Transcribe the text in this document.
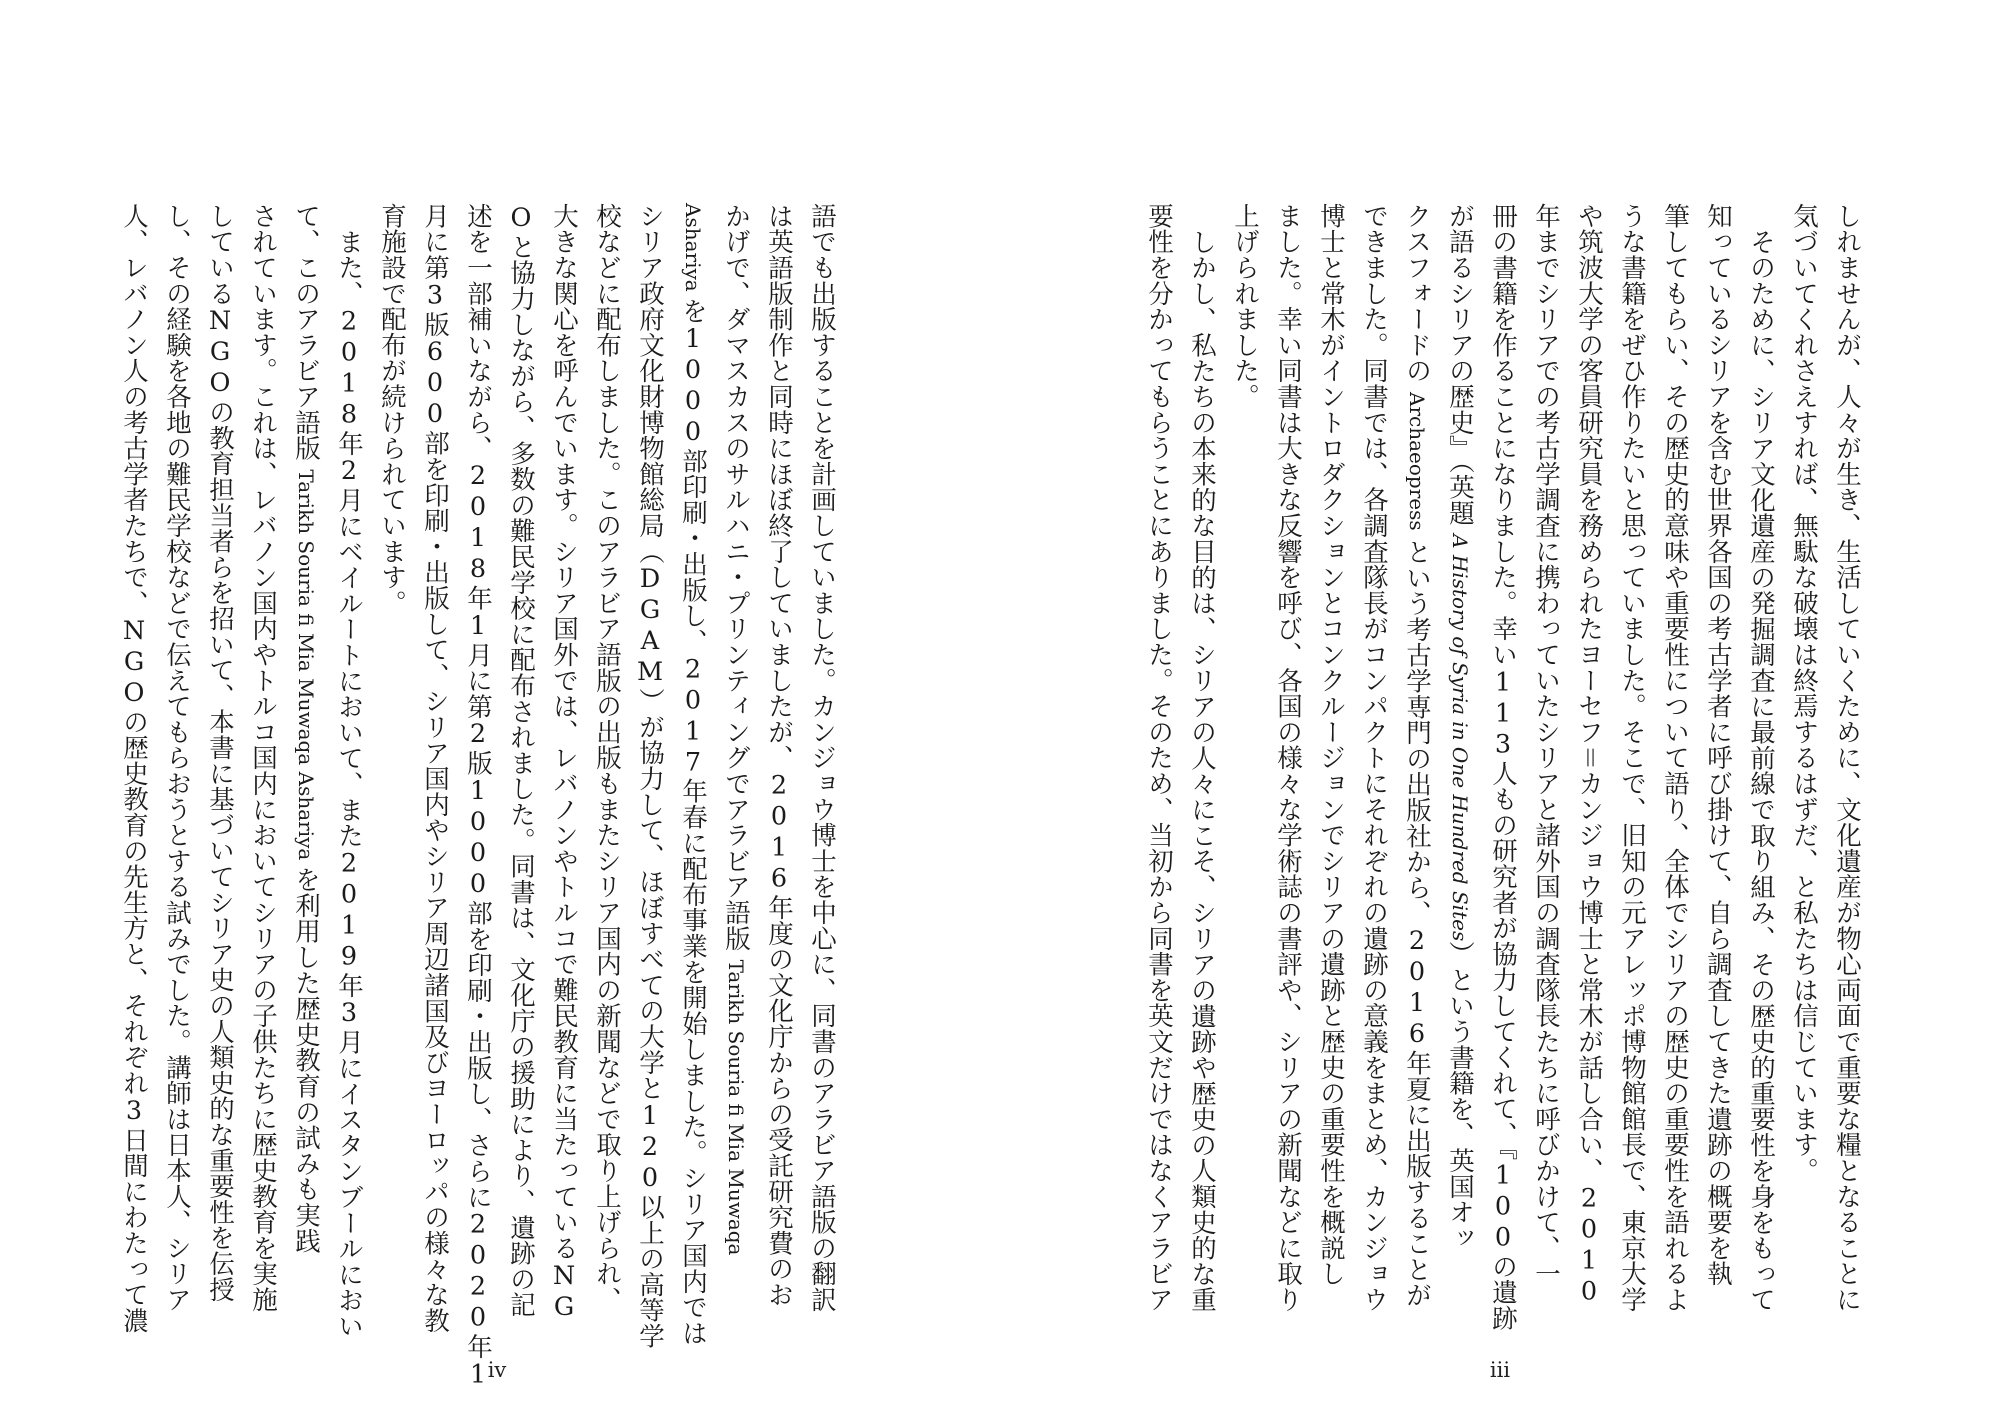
語でも出版することを計画していました。カンジョウ博士を中心に、同書のアラビア語版の翻訳
は英語版制作と同時にほぼ終了していましたが、2016年度の文化庁からの受託研究費のお
かげで、ダマスカスのサルハニ・プリンティングでアラビア語版 Tarikh Souria fi Mia Muwaqa
Ashariya を1000部印刷・出版し、2017年春に配布事業を開始しました。シリア国内では
シリア政府文化財博物館総局（DGAM）が協力して、ほぼすべての大学と120以上の高等学
校などに配布しました。このアラビア語版の出版もまたシリア国内の新聞などで取り上げられ、
大きな関心を呼んでいます。シリア国外では、レバノンやトルコで難民教育に当たっているNG
Oと協力しながら、多数の難民学校に配布されました。同書は、文化庁の援助により、遺跡の記
述を一部補いながら、2018年1月に第2版1000部を印刷・出版し、さらに2020年1
月に第3版600部を印刷・出版して、シリア国内やシリア周辺諸国及びヨーロッパの様々な教
育施設で配布が続けられています。
また、2018年2月にベイルートにおいて、また2019年3月にイスタンブールにおい
て、このアラビア語版 Tarikh Souria fi Mia Muwaqa Ashariya を利用した歴史教育の試みも実践
されています。これは、レバノン国内やトルコ国内においてシリアの子供たちに歴史教育を実施
しているNGOの教育担当者らを招いて、本書に基づいてシリア史の人類史的な重要性を伝授
し、その経験を各地の難民学校などで伝えてもらおうとする試みでした。講師は日本人、シリア
人、レバノン人の考古学者たちで、NGOの歴史教育の先生方と、それぞれ3日間にわたって濃	しれませんが、人々が生き、生活していくために、文化遺産が物心両面で重要な糧となることに
気づいてくれさえすれば、無駄な破壊は終焉するはずだ、と私たちは信じています。
そのために、シリア文化遺産の発掘調査に最前線で取り組み、その歴史的重要性を身をもって
知っているシリアを含む世界各国の考古学者に呼び掛けて、自ら調査してきた遺跡の概要を執
筆してもらい、その歴史的意味や重要性について語り、全体でシリアの歴史の重要性を語れるよ
うな書籍をぜひ作りたいと思っていました。そこで、旧知の元アレッポ博物館館長で、東京大学
や筑波大学の客員研究員を務められたヨーセフ＝カンジョウ博士と常木が話し合い、2010
年までシリアでの考古学調査に携わっていたシリアと諸外国の調査隊長たちに呼びかけて、一
冊の書籍を作ることになりました。幸い113人もの研究者が協力してくれて、『100の遺跡
が語るシリアの歴史』（英題 A History of Syria in One Hundred Sites）という書籍を、英国オッ
クスフォードの Archaeopress という考古学専門の出版社から、2016年夏に出版することが
できました。同書では、各調査隊長がコンパクトにそれぞれの遺跡の意義をまとめ、カンジョウ
博士と常木がイントロダクションとコンクルージョンでシリアの遺跡と歴史の重要性を概説し
ました。幸い同書は大きな反響を呼び、各国の様々な学術誌の書評や、シリアの新聞などに取り
上げられました。
しかし、私たちの本来的な目的は、シリアの人々にこそ、シリアの遺跡や歴史の人類史的な重
要性を分かってもらうことにありました。そのため、当初から同書を英文だけではなくアラビア
iv	iii
